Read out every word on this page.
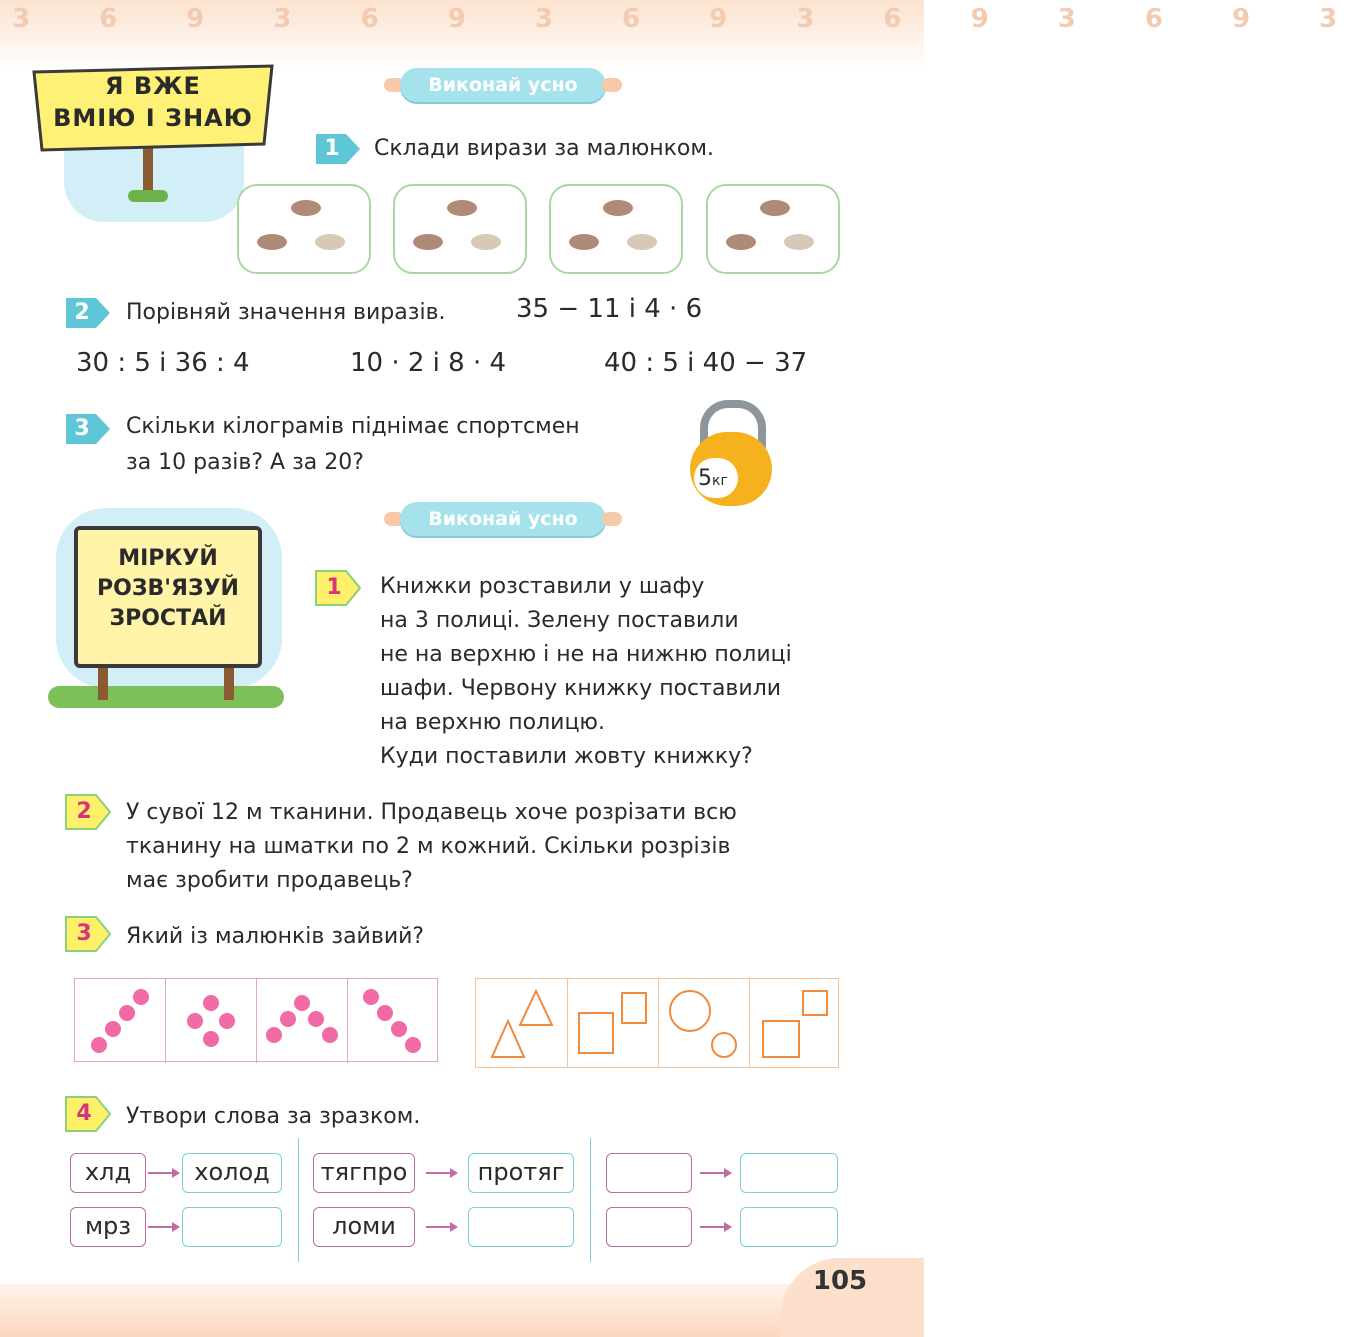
3 6 9 3 6 9 3 6 9 3 6 9 3 6 9 3
Я ВЖЕ
ВМІЮ І ЗНАЮ
Виконай усно
1	Склади вирази за малюнком.
2	Порівняй значення виразів.	35 − 11 і 4 · 6
30 : 5 і 36 : 4	10 · 2 і 8 · 4	40 : 5 і 40 − 37
3	Скільки кілограмів піднімає спортсмен
за 10 разів? А за 20?
5кг
МІРКУЙ
РОЗВ'ЯЗУЙ
ЗРОСТАЙ
Виконай усно
1	Книжки розставили у шафу
на 3 полиці. Зелену поставили
не на верхню і не на нижню полиці
шафи. Червону книжку поставили
на верхню полицю.
Куди поставили жовту книжку?
2	У сувої 12 м тканини. Продавець хоче розрізати всю
тканину на шматки по 2 м кожний. Скільки розрізів
має зробити продавець?
3	Який із малюнків зайвий?
4	Утвори слова за зразком.
хлд	холод
мрз
тягпро	протяг
ломи
105
